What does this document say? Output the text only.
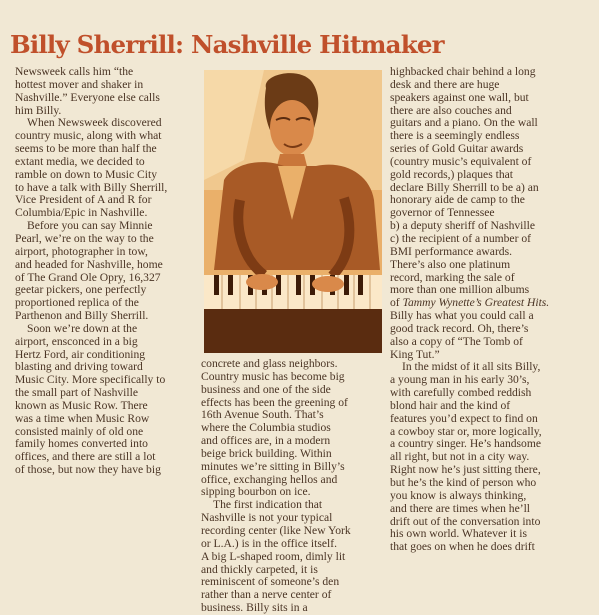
Billy Sherrill: Nashville Hitmaker
Newsweek calls him “the
hottest mover and shaker in
Nashville.” Everyone else calls
him Billy.
When Newsweek discovered
country music, along with what
seems to be more than half the
extant media, we decided to
ramble on down to Music City
to have a talk with Billy Sherrill,
Vice President of A and R for
Columbia/Epic in Nashville.
Before you can say Minnie
Pearl, we’re on the way to the
airport, photographer in tow,
and headed for Nashville, home
of The Grand Ole Opry, 16,327
geetar pickers, one perfectly
proportioned replica of the
Parthenon and Billy Sherrill.
Soon we’re down at the
airport, ensconced in a big
Hertz Ford, air conditioning
blasting and driving toward
Music City. More specifically to
the small part of Nashville
known as Music Row. There
was a time when Music Row
consisted mainly of old one
family homes converted into
offices, and there are still a lot
of those, but now they have big
concrete and glass neighbors.
Country music has become big
business and one of the side
effects has been the greening of
16th Avenue South. That’s
where the Columbia studios
and offices are, in a modern
beige brick building. Within
minutes we’re sitting in Billy’s
office, exchanging hellos and
sipping bourbon on ice.
The first indication that
Nashville is not your typical
recording center (like New York
or L.A.) is in the office itself.
A big L-shaped room, dimly lit
and thickly carpeted, it is
reminiscent of someone’s den
rather than a nerve center of
business. Billy sits in a
highbacked chair behind a long
desk and there are huge
speakers against one wall, but
there are also couches and
guitars and a piano. On the wall
there is a seemingly endless
series of Gold Guitar awards
(country music’s equivalent of
gold records,) plaques that
declare Billy Sherrill to be a) an
honorary aide de camp to the
governor of Tennessee
b) a deputy sheriff of Nashville
c) the recipient of a number of
BMI performance awards.
There’s also one platinum
record, marking the sale of
more than one million albums
of Tammy Wynette’s Greatest Hits.
Billy has what you could call a
good track record. Oh, there’s
also a copy of “The Tomb of
King Tut.”
In the midst of it all sits Billy,
a young man in his early 30’s,
with carefully combed reddish
blond hair and the kind of
features you’d expect to find on
a cowboy star or, more logically,
a country singer. He’s handsome
all right, but not in a city way.
Right now he’s just sitting there,
but he’s the kind of person who
you know is always thinking,
and there are times when he’ll
drift out of the conversation into
his own world. Whatever it is
that goes on when he does drift
